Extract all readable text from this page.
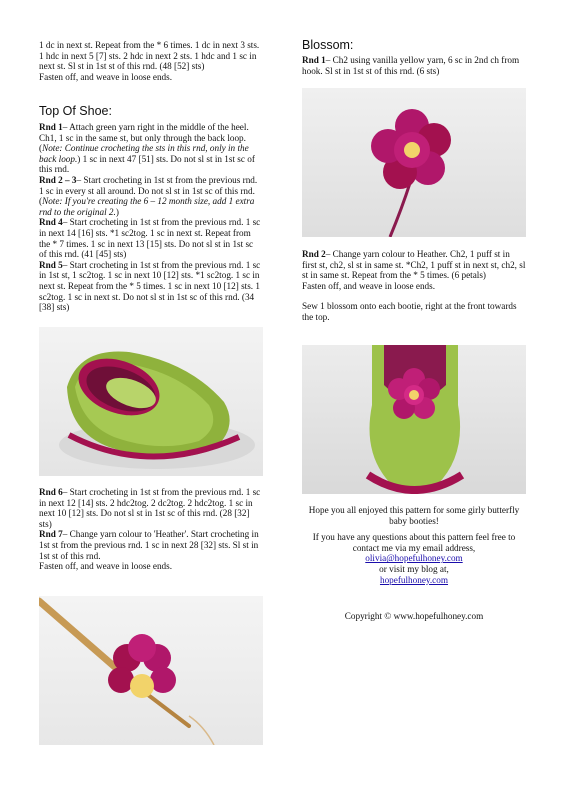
1 dc in next st. Repeat from the * 6 times. 1 dc in next 3 sts. 1 hdc in next 5 [7] sts. 2 hdc in next 2 sts. 1 hdc and 1 sc in next st. Sl st in 1st st of this rnd. (48 [52] sts)
Fasten off, and weave in loose ends.

Top Of Shoe:

Rnd 1– Attach green yarn right in the middle of the heel. Ch1, 1 sc in the same st, but only through the back loop. (Note: Continue crocheting the sts in this rnd, only in the back loop.) 1 sc in next 47 [51] sts. Do not sl st in 1st sc of this rnd.

Rnd 2 – 3– Start crocheting in 1st st from the previous rnd. 1 sc in every st all around. Do not sl st in 1st sc of this rnd. (Note: If you're creating the 6 – 12 month size, add 1 extra rnd to the original 2.)

Rnd 4– Start crocheting in 1st st from the previous rnd. 1 sc in next 14 [16] sts. *1 sc2tog. 1 sc in next st. Repeat from the * 7 times. 1 sc in next 13 [15] sts. Do not sl st in 1st sc of this rnd. (41 [45] sts)

Rnd 5– Start crocheting in 1st st from the previous rnd. 1 sc in 1st st, 1 sc2tog. 1 sc in next 10 [12] sts. *1 sc2tog. 1 sc in next st. Repeat from the * 5 times. 1 sc in next 10 [12] sts. 1 sc2tog. 1 sc in next st. Do not sl st in 1st sc of this rnd. (34 [38] sts)

Rnd 6– Start crocheting in 1st st from the previous rnd. 1 sc in next 12 [14] sts. 2 hdc2tog. 2 dc2tog. 2 hdc2tog. 1 sc in next 10 [12] sts. Do not sl st in 1st sc of this rnd. (28 [32] sts)

Rnd 7– Change yarn colour to 'Heather'. Start crocheting in 1st st from the previous rnd. 1 sc in next 28 [32] sts. Sl st in 1st st of this rnd.
Fasten off, and weave in loose ends.

Blossom:

Rnd 1– Ch2 using vanilla yellow yarn, 6 sc in 2nd ch from hook. Sl st in 1st st of this rnd. (6 sts)

Rnd 2– Change yarn colour to Heather. Ch2, 1 puff st in first st, ch2, sl st in same st. *Ch2, 1 puff st in next st, ch2, sl st in same st. Repeat from the * 5 times. (6 petals)
Fasten off, and weave in loose ends.

Sew 1 blossom onto each bootie, right at the front towards the top.

Hope you all enjoyed this pattern for some girly butterfly baby booties!

If you have any questions about this pattern feel free to contact me via my email address,

olivia@hopefulhoney.com

or visit my blog at,

hopefulhoney.com

Copyright © www.hopefulhoney.com
